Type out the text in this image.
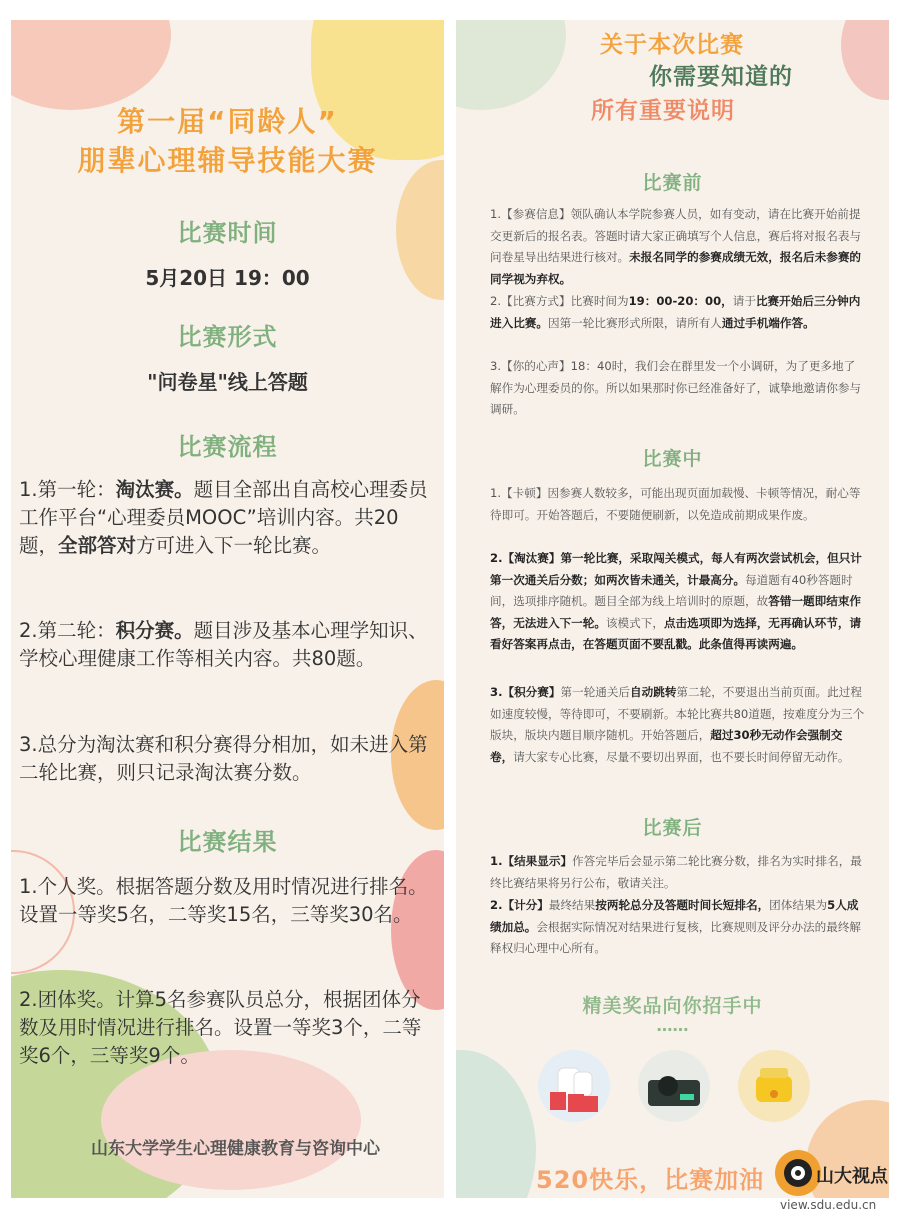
第一届“同龄人”

朋辈心理辅导技能大赛

比赛时间

5月20日 19：00

比赛形式

"问卷星"线上答题

比赛流程

1.第一轮：淘汰赛。题目全部出自高校心理委员工作平台“心理委员MOOC”培训内容。共20题，全部答对方可进入下一轮比赛。

2.第二轮：积分赛。题目涉及基本心理学知识、学校心理健康工作等相关内容。共80题。

3.总分为淘汰赛和积分赛得分相加，如未进入第二轮比赛，则只记录淘汰赛分数。

比赛结果

1.个人奖。根据答题分数及用时情况进行排名。设置一等奖5名，二等奖15名，三等奖30名。

2.团体奖。计算5名参赛队员总分，根据团体分数及用时情况进行排名。设置一等奖3个，二等奖6个，三等奖9个。

山东大学学生心理健康教育与咨询中心

关于本次比赛

你需要知道的

所有重要说明

比赛前

1.【参赛信息】领队确认本学院参赛人员，如有变动，请在比赛开始前提交更新后的报名表。答题时请大家正确填写个人信息，赛后将对报名表与问卷星导出结果进行核对。未报名同学的参赛成绩无效，报名后未参赛的同学视为弃权。

2.【比赛方式】比赛时间为19：00-20：00，请于比赛开始后三分钟内进入比赛。因第一轮比赛形式所限，请所有人通过手机端作答。

3.【你的心声】18：40时，我们会在群里发一个小调研，为了更多地了解作为心理委员的你。所以如果那时你已经准备好了，诚挚地邀请你参与调研。

比赛中

1.【卡顿】因参赛人数较多，可能出现页面加载慢、卡顿等情况，耐心等待即可。开始答题后，不要随便刷新，以免造成前期成果作废。

2.【淘汰赛】第一轮比赛，采取闯关模式，每人有两次尝试机会，但只计第一次通关后分数；如两次皆未通关，计最高分。每道题有40秒答题时间，选项排序随机。题目全部为线上培训时的原题，故答错一题即结束作答，无法进入下一轮。该模式下，点击选项即为选择，无再确认环节，请看好答案再点击，在答题页面不要乱戳。此条值得再读两遍。

3.【积分赛】第一轮通关后自动跳转第二轮，不要退出当前页面。此过程如速度较慢，等待即可，不要刷新。本轮比赛共80道题，按难度分为三个版块，版块内题目顺序随机。开始答题后，超过30秒无动作会强制交卷，请大家专心比赛，尽量不要切出界面，也不要长时间停留无动作。

比赛后

1.【结果显示】作答完毕后会显示第二轮比赛分数，排名为实时排名，最终比赛结果将另行公布，敬请关注。

2.【计分】最终结果按两轮总分及答题时间长短排名，团体结果为5人成绩加总。会根据实际情况对结果进行复核，比赛规则及评分办法的最终解释权归心理中心所有。

精美奖品向你招手中

……

520快乐，比赛加油	山大视点

view.sdu.edu.cn
